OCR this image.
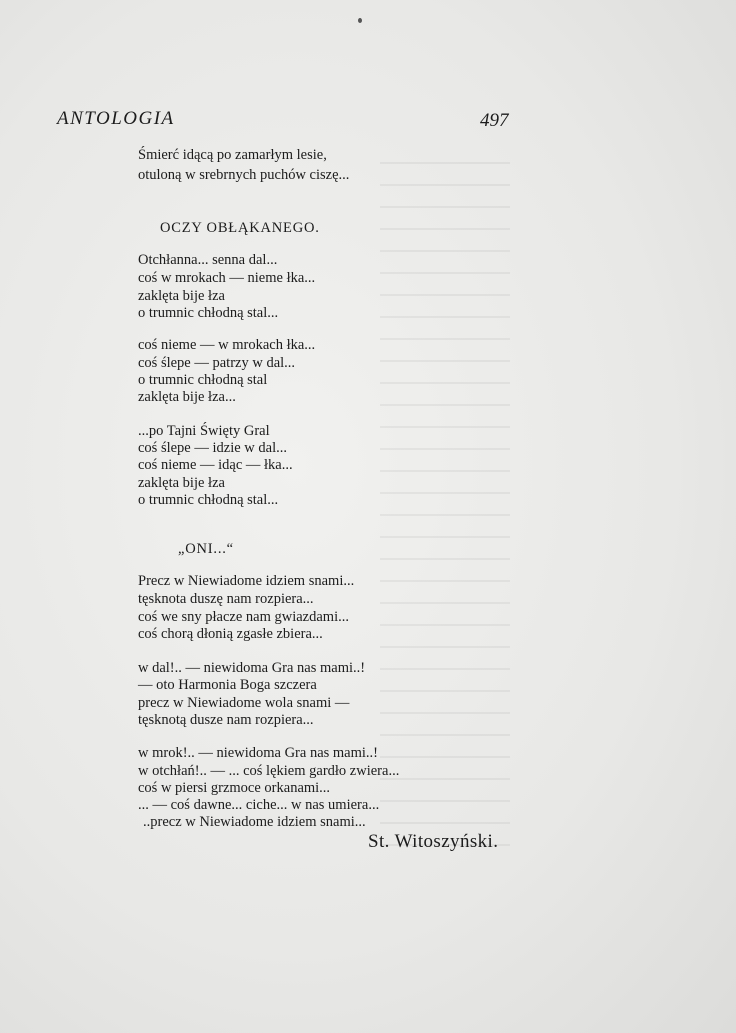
ANTOLOGIA	497
Śmierć idącą po zamarłym lesie,
otuloną w srebrnych puchów ciszę...
OCZY OBŁĄKANEGO.
Otchłanna... senna dal...
coś w mrokach — nieme łka...
zaklęta bije łza
o trumnic chłodną stal...
coś nieme — w mrokach łka...
coś ślepe — patrzy w dal...
o trumnic chłodną stal
zaklęta bije łza...
...po Tajni Święty Gral
coś ślepe — idzie w dal...
coś nieme — idąc — łka...
zaklęta bije łza
o trumnic chłodną stal...
„ONI...“
Precz w Niewiadome idziem snami...
tęsknota duszę nam rozpiera...
coś we sny płacze nam gwiazdami...
coś chorą dłonią zgasłe zbiera...
w dal!.. — niewidoma Gra nas mami..!
— oto Harmonia Boga szczera
precz w Niewiadome wola snami —
tęsknotą dusze nam rozpiera...
w mrok!.. — niewidoma Gra nas mami..!
w otchłań!.. — ... coś lękiem gardło zwiera...
coś w piersi grzmoce orkanami...
... — coś dawne... ciche... w nas umiera...
..precz w Niewiadome idziem snami...
St. Witoszyński.
